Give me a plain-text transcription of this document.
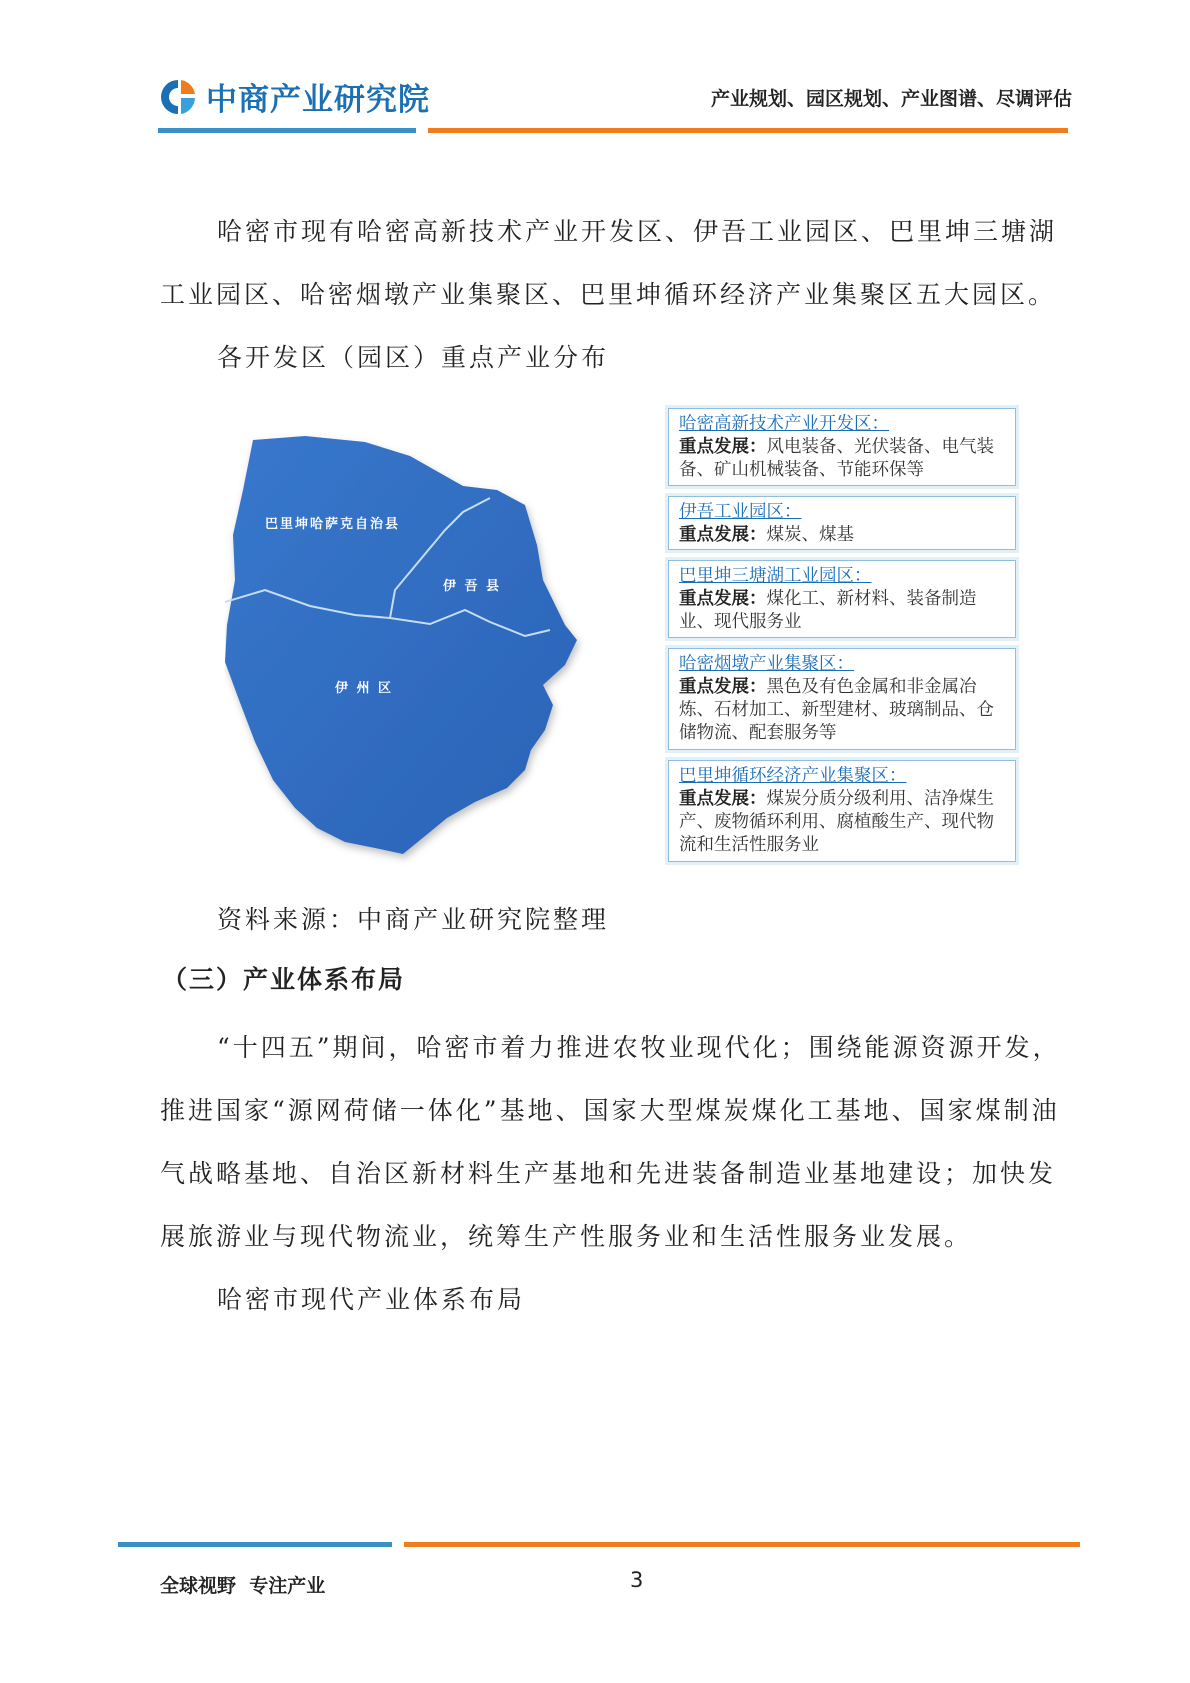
中商产业研究院	产业规划、园区规划、产业图谱、尽调评估
哈密市现有哈密高新技术产业开发区、伊吾工业园区、巴里坤三塘湖工业园区、哈密烟墩产业集聚区、巴里坤循环经济产业集聚区五大园区。
各开发区（园区）重点产业分布
巴里坤哈萨克自治县
伊 吾 县
伊 州 区
哈密高新技术产业开发区：
重点发展：风电装备、光伏装备、电气装备、矿山机械装备、节能环保等
伊吾工业园区：
重点发展：煤炭、煤基
巴里坤三塘湖工业园区：
重点发展：煤化工、新材料、装备制造业、现代服务业
哈密烟墩产业集聚区：
重点发展：黑色及有色金属和非金属冶炼、石材加工、新型建材、玻璃制品、仓储物流、配套服务等
巴里坤循环经济产业集聚区：
重点发展：煤炭分质分级利用、洁净煤生产、废物循环利用、腐植酸生产、现代物流和生活性服务业
资料来源：中商产业研究院整理
（三）产业体系布局
“十四五”期间，哈密市着力推进农牧业现代化；围绕能源资源开发，推进国家“源网荷储一体化”基地、国家大型煤炭煤化工基地、国家煤制油气战略基地、自治区新材料生产基地和先进装备制造业基地建设；加快发展旅游业与现代物流业，统筹生产性服务业和生活性服务业发展。
哈密市现代产业体系布局
全球视野  专注产业	3
